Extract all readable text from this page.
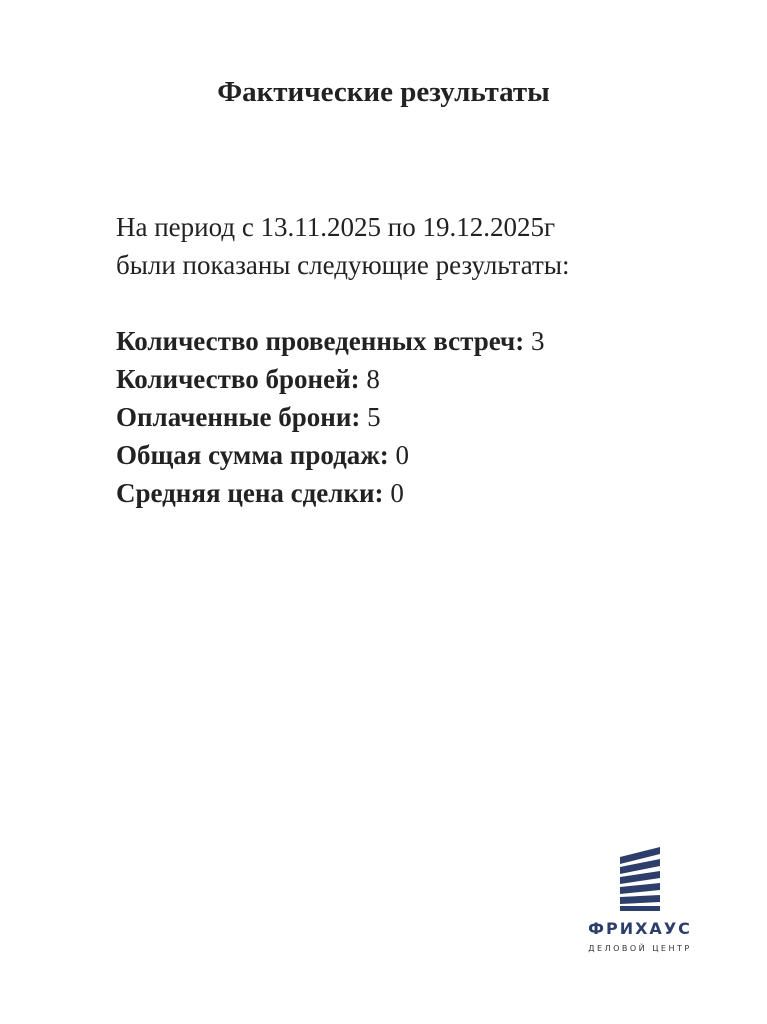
Фактические результаты
На период с 13.11.2025 по 19.12.2025г
были показаны следующие результаты:
Количество проведенных встреч: 3
Количество броней: 8
Оплаченные брони: 5
Общая сумма продаж: 0
Средняя цена сделки: 0
ФРИХАУС
ДЕЛОВОЙ ЦЕНТР
